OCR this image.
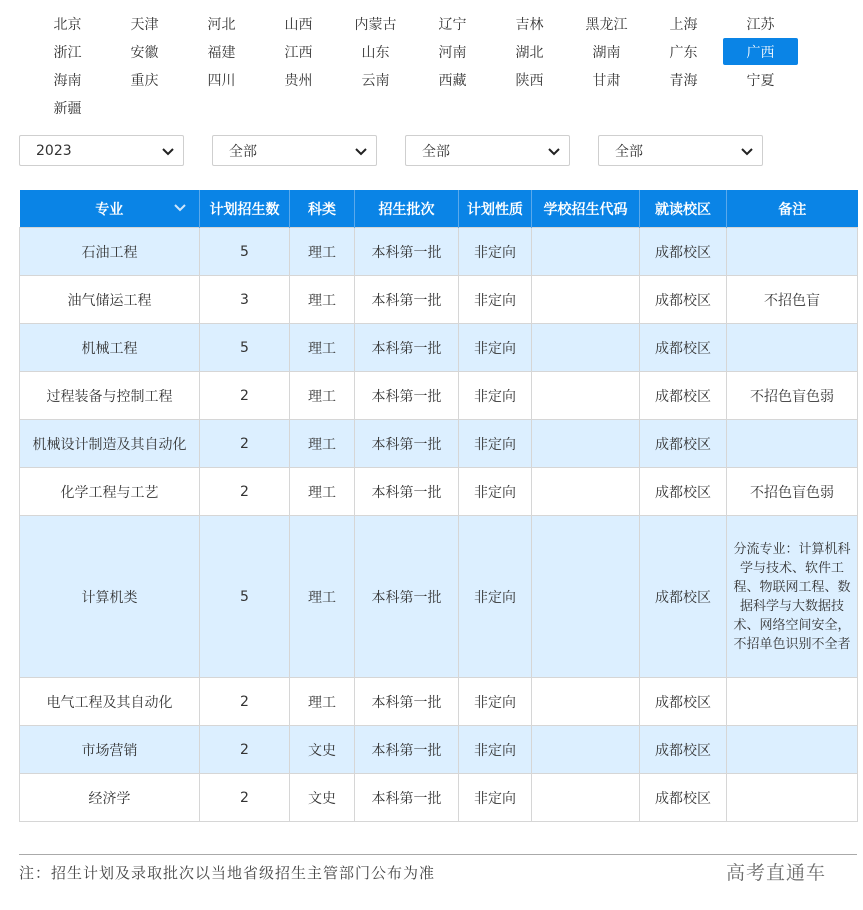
北京	天津	河北	山西	内蒙古	辽宁	吉林	黑龙江	上海	江苏
浙江	安徽	福建	江西	山东	河南	湖北	湖南	广东	广西
海南	重庆	四川	贵州	云南	西藏	陕西	甘肃	青海	宁夏
新疆
2023	全部	全部	全部
专业	计划招生数	科类	招生批次	计划性质	学校招生代码	就读校区	备注
石油工程	5	理工	本科第一批	非定向		成都校区	
油气储运工程	3	理工	本科第一批	非定向		成都校区	不招色盲
机械工程	5	理工	本科第一批	非定向		成都校区	
过程装备与控制工程	2	理工	本科第一批	非定向		成都校区	不招色盲色弱
机械设计制造及其自动化	2	理工	本科第一批	非定向		成都校区	
化学工程与工艺	2	理工	本科第一批	非定向		成都校区	不招色盲色弱
计算机类	5	理工	本科第一批	非定向		成都校区	分流专业：计算机科学与技术、软件工程、物联网工程、数据科学与大数据技术、网络空间安全，不招单色识别不全者
电气工程及其自动化	2	理工	本科第一批	非定向		成都校区	
市场营销	2	文史	本科第一批	非定向		成都校区	
经济学	2	文史	本科第一批	非定向		成都校区	
注：招生计划及录取批次以当地省级招生主管部门公布为准	高考直通车
